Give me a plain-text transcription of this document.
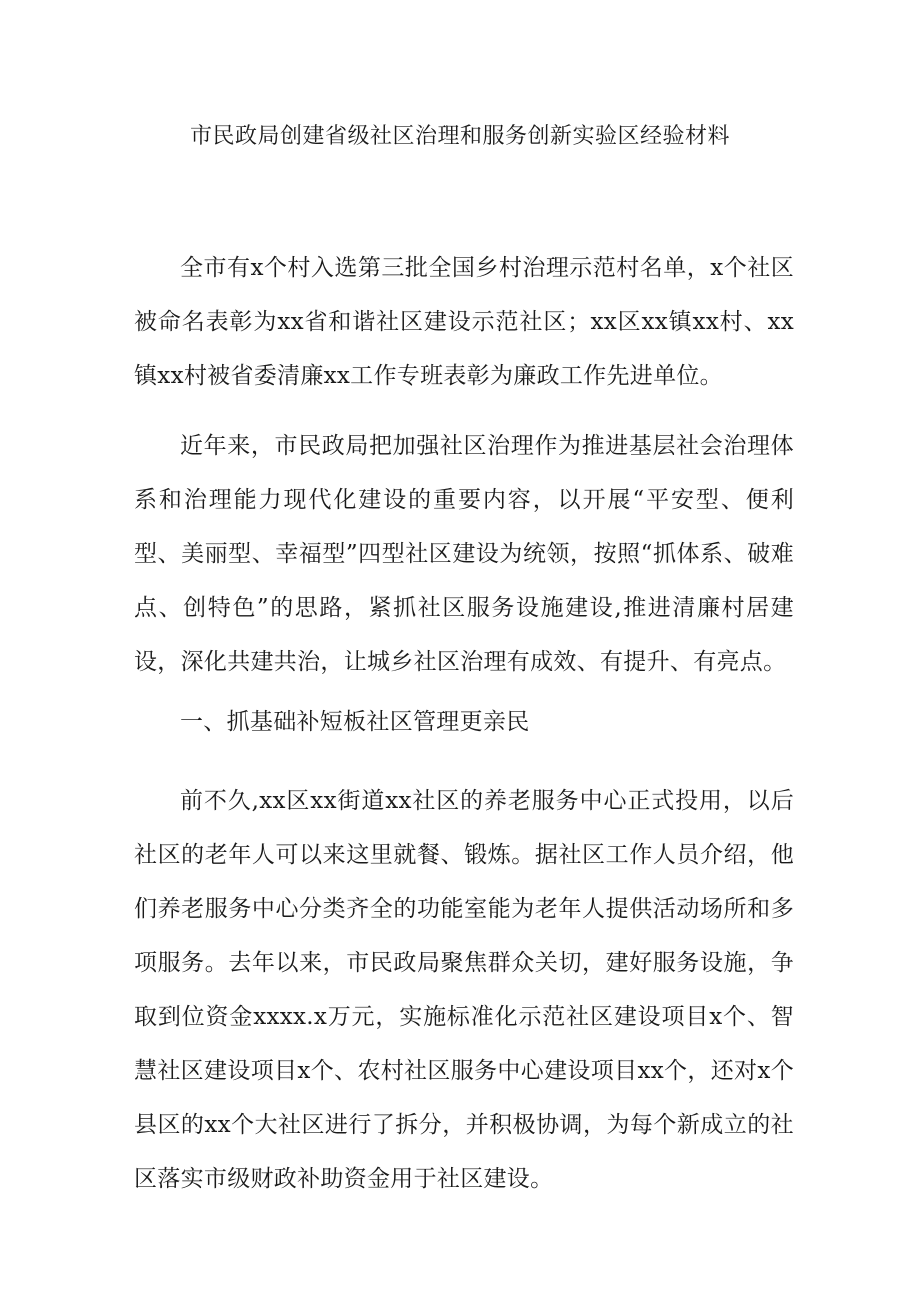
市民政局创建省级社区治理和服务创新实验区经验材料

全市有x个村入选第三批全国乡村治理示范村名单，x个社区被命名表彰为xx省和谐社区建设示范社区；xx区xx镇xx村、xx镇xx村被省委清廉xx工作专班表彰为廉政工作先进单位。

近年来，市民政局把加强社区治理作为推进基层社会治理体系和治理能力现代化建设的重要内容，以开展“平安型、便利型、美丽型、幸福型”四型社区建设为统领，按照“抓体系、破难点、创特色”的思路，紧抓社区服务设施建设,推进清廉村居建设，深化共建共治，让城乡社区治理有成效、有提升、有亮点。

一、抓基础补短板社区管理更亲民

前不久,xx区xx街道xx社区的养老服务中心正式投用，以后社区的老年人可以来这里就餐、锻炼。据社区工作人员介绍，他们养老服务中心分类齐全的功能室能为老年人提供活动场所和多项服务。去年以来，市民政局聚焦群众关切，建好服务设施，争取到位资金xxxx.x万元，实施标准化示范社区建设项目x个、智慧社区建设项目x个、农村社区服务中心建设项目xx个，还对x个县区的xx个大社区进行了拆分，并积极协调，为每个新成立的社区落实市级财政补助资金用于社区建设。
